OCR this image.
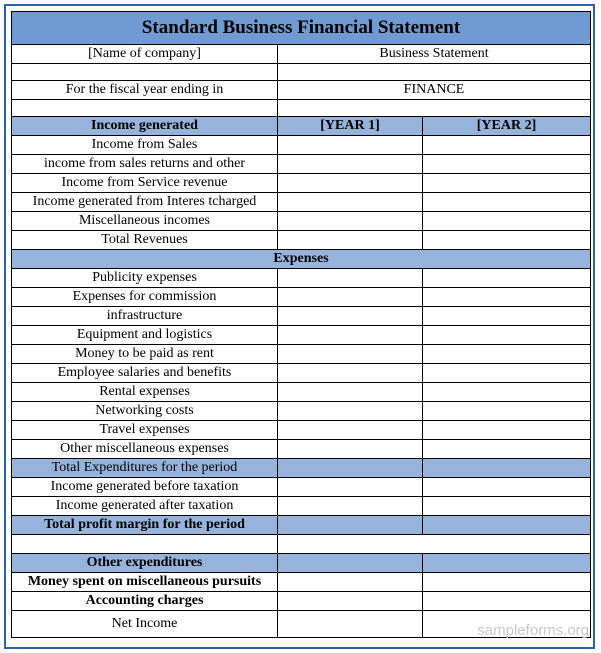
Standard Business Financial Statement		
[Name of company]	Business Statement	

For the fiscal year ending in	FINANCE	

Income generated	[YEAR 1]	[YEAR 2]
Income from Sales		
income from sales returns and other		
Income from Service revenue		
Income generated from Interes tcharged		
Miscellaneous incomes		
Total Revenues		
Expenses		
Publicity expenses		
Expenses for commission		
infrastructure		
Equipment and logistics		
Money to be paid as rent		
Employee salaries and benefits		
Rental expenses		
Networking costs		
Travel expenses		
Other miscellaneous expenses		
Total Expenditures for the period		
Income generated before taxation		
Income generated after taxation		
Total profit margin for the period		

Other expenditures		
Money spent on miscellaneous pursuits		
Accounting charges		
Net Income			sampleforms.org
